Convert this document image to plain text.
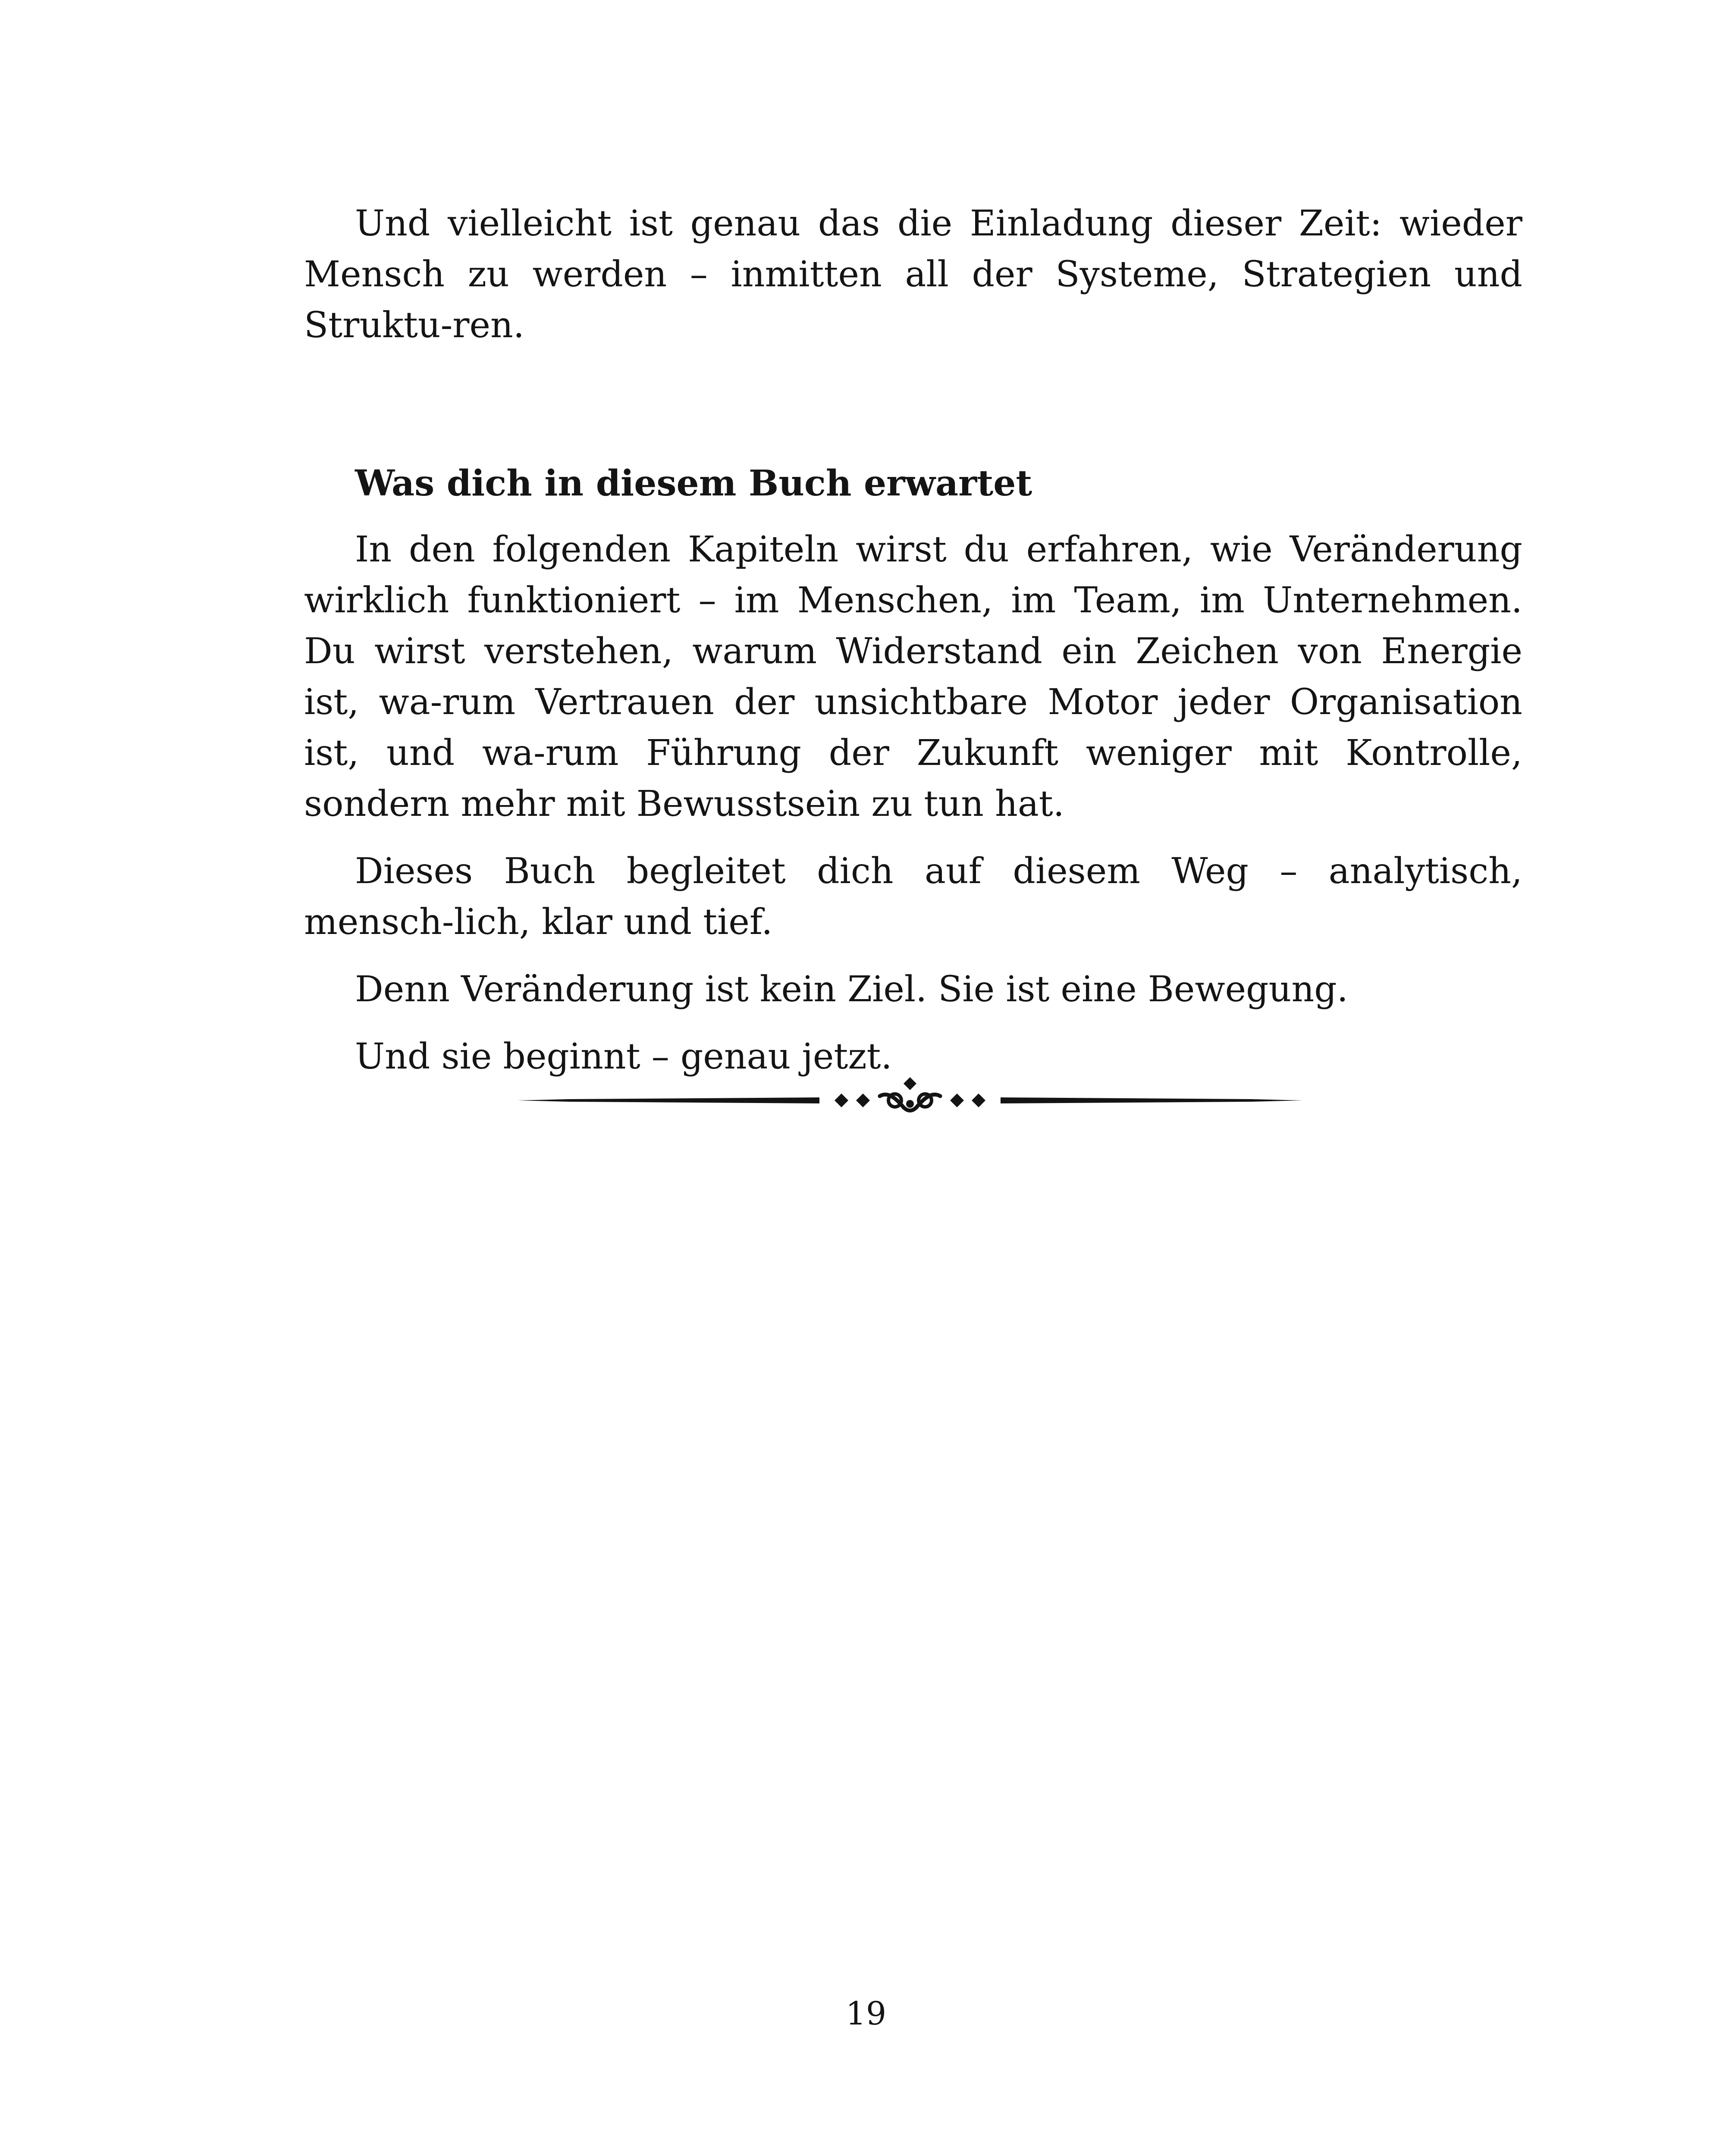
Und vielleicht ist genau das die Einladung dieser Zeit: wieder Mensch zu werden – inmitten all der Systeme, Strategien und Struktu-ren.

Was dich in diesem Buch erwartet

In den folgenden Kapiteln wirst du erfahren, wie Veränderung wirklich funktioniert – im Menschen, im Team, im Unternehmen. Du wirst verstehen, warum Widerstand ein Zeichen von Energie ist, wa-rum Vertrauen der unsichtbare Motor jeder Organisation ist, und wa-rum Führung der Zukunft weniger mit Kontrolle, sondern mehr mit Bewusstsein zu tun hat.

Dieses Buch begleitet dich auf diesem Weg – analytisch, mensch-lich, klar und tief.

Denn Veränderung ist kein Ziel. Sie ist eine Bewegung.

Und sie beginnt – genau jetzt.

19
